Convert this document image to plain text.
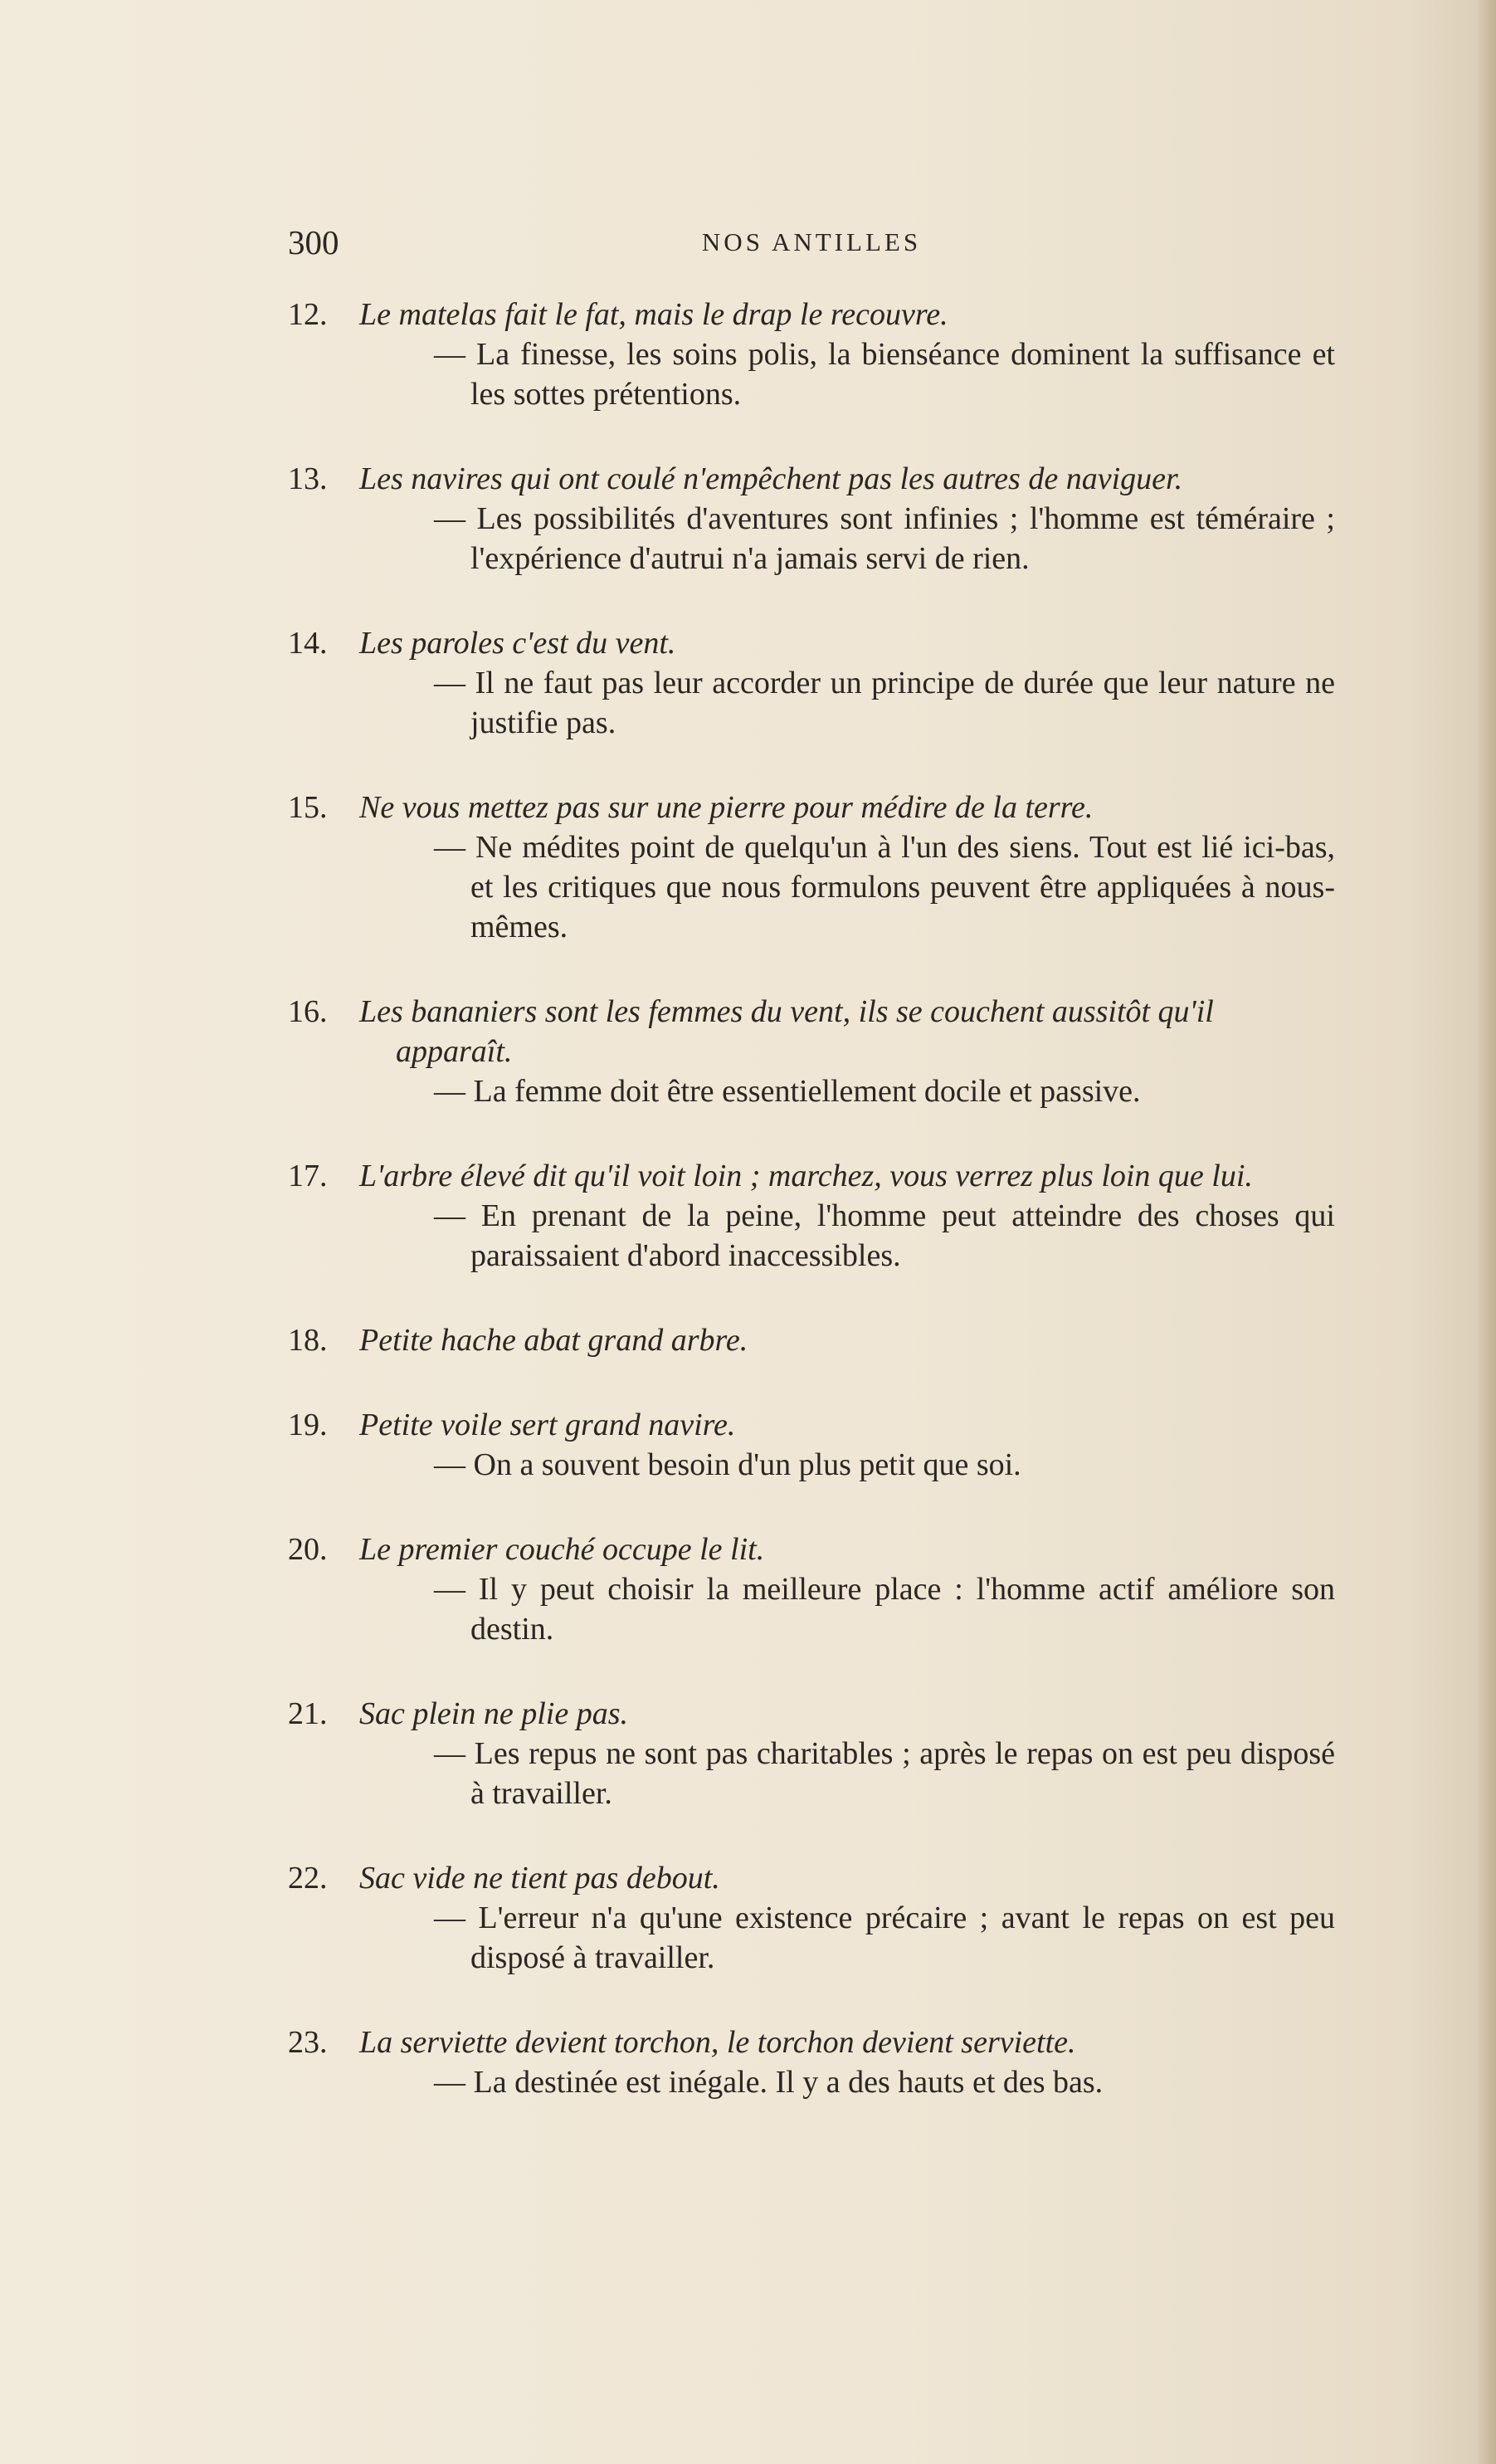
300	NOS ANTILLES
12.	Le matelas fait le fat, mais le drap le recouvre.
— La finesse, les soins polis, la bienséance dominent la suffisance et les sottes prétentions.
13.	Les navires qui ont coulé n'empêchent pas les autres de naviguer.
— Les possibilités d'aventures sont infinies ; l'homme est téméraire ; l'expérience d'autrui n'a jamais servi de rien.
14.	Les paroles c'est du vent.
— Il ne faut pas leur accorder un principe de durée que leur nature ne justifie pas.
15.	Ne vous mettez pas sur une pierre pour médire de la terre.
— Ne médites point de quelqu'un à l'un des siens. Tout est lié ici-bas, et les critiques que nous formulons peuvent être appliquées à nous-mêmes.
16.	Les bananiers sont les femmes du vent, ils se couchent aussitôt qu'il apparaît.
— La femme doit être essentiellement docile et passive.
17.	L'arbre élevé dit qu'il voit loin ; marchez, vous verrez plus loin que lui.
— En prenant de la peine, l'homme peut atteindre des choses qui paraissaient d'abord inaccessibles.
18.	Petite hache abat grand arbre.
19.	Petite voile sert grand navire.
— On a souvent besoin d'un plus petit que soi.
20.	Le premier couché occupe le lit.
— Il y peut choisir la meilleure place : l'homme actif améliore son destin.
21.	Sac plein ne plie pas.
— Les repus ne sont pas charitables ; après le repas on est peu disposé à travailler.
22.	Sac vide ne tient pas debout.
— L'erreur n'a qu'une existence précaire ; avant le repas on est peu disposé à travailler.
23.	La serviette devient torchon, le torchon devient serviette.
— La destinée est inégale. Il y a des hauts et des bas.
